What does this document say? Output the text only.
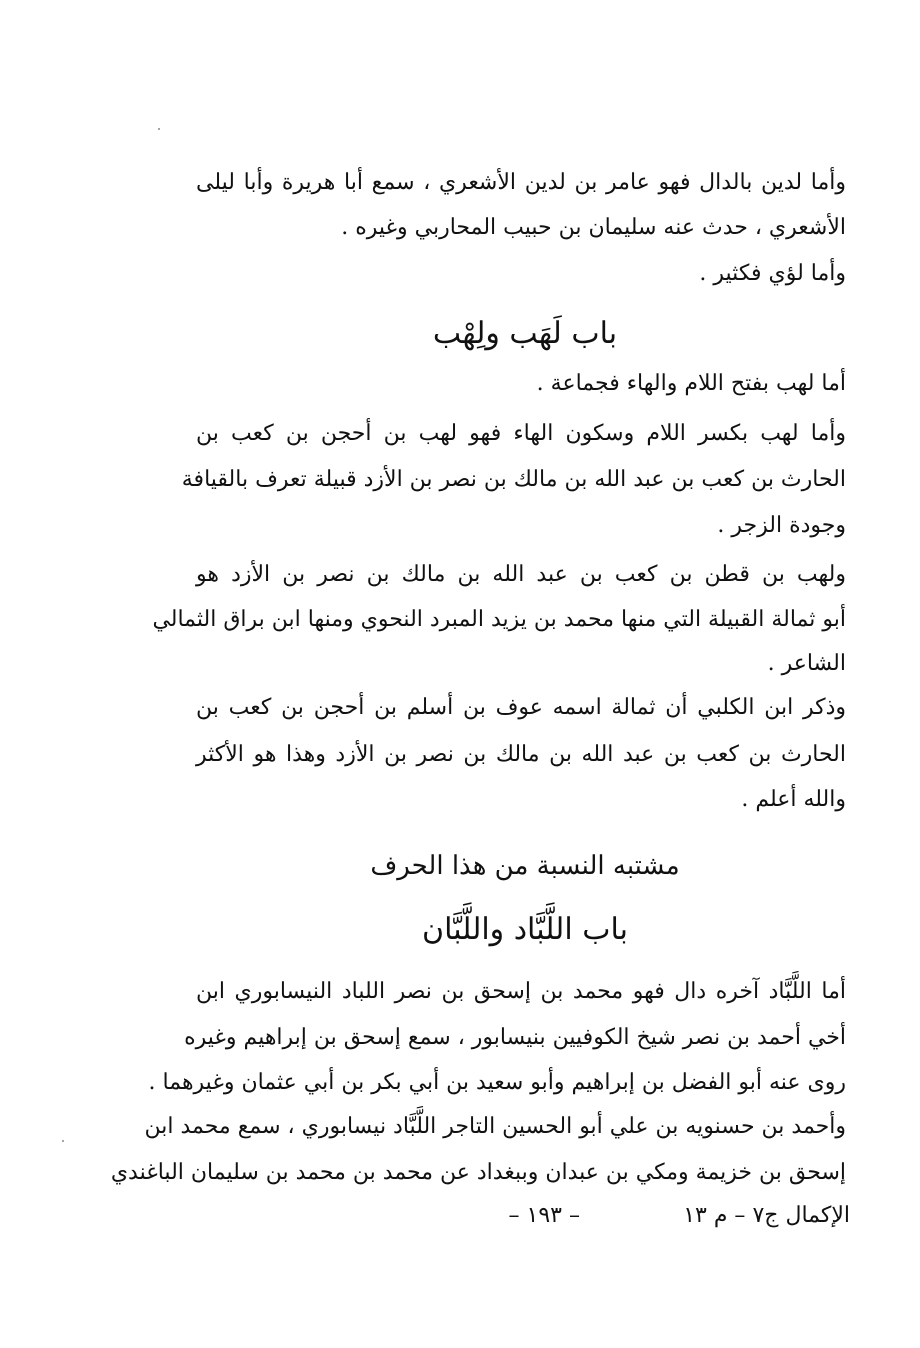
وأما لدين بالدال فهو عامر بن لدين الأشعري ، سمع أبا هريرة وأبا ليلى
الأشعري ، حدث عنه سليمان بن حبيب المحاربي وغيره .
وأما لؤي فكثير .
باب لَهَب ولِهْب
أما لهب بفتح اللام والهاء فجماعة .
وأما لهب بكسر اللام وسكون الهاء فهو لهب بن أحجن بن كعب بن
الحارث بن كعب بن عبد الله بن مالك بن نصر بن الأزد قبيلة تعرف بالقيافة
وجودة الزجر .
ولهب بن قطن بن كعب بن عبد الله بن مالك بن نصر بن الأزد هو
أبو ثمالة القبيلة التي منها محمد بن يزيد المبرد النحوي ومنها ابن براق الثمالي
الشاعر .
وذكر ابن الكلبي أن ثمالة اسمه عوف بن أسلم بن أحجن بن كعب بن
الحارث بن كعب بن عبد الله بن مالك بن نصر بن الأزد وهذا هو الأكثر
والله أعلم .
مشتبه النسبة من هذا الحرف
باب اللَّبَّاد واللَّبَّان
أما اللَّبَّاد آخره دال فهو محمد بن إسحق بن نصر اللباد النيسابوري ابن
أخي أحمد بن نصر شيخ الكوفيين بنيسابور ، سمع إسحق بن إبراهيم وغيره
روى عنه أبو الفضل بن إبراهيم وأبو سعيد بن أبي بكر بن أبي عثمان وغيرهما .
وأحمد بن حسنويه بن علي أبو الحسين التاجر اللَّبَّاد نيسابوري ، سمع محمد ابن
إسحق بن خزيمة ومكي بن عبدان وببغداد عن محمد بن محمد بن سليمان الباغندي
الإكمال ج٧ – م ١٣
– ١٩٣ –
